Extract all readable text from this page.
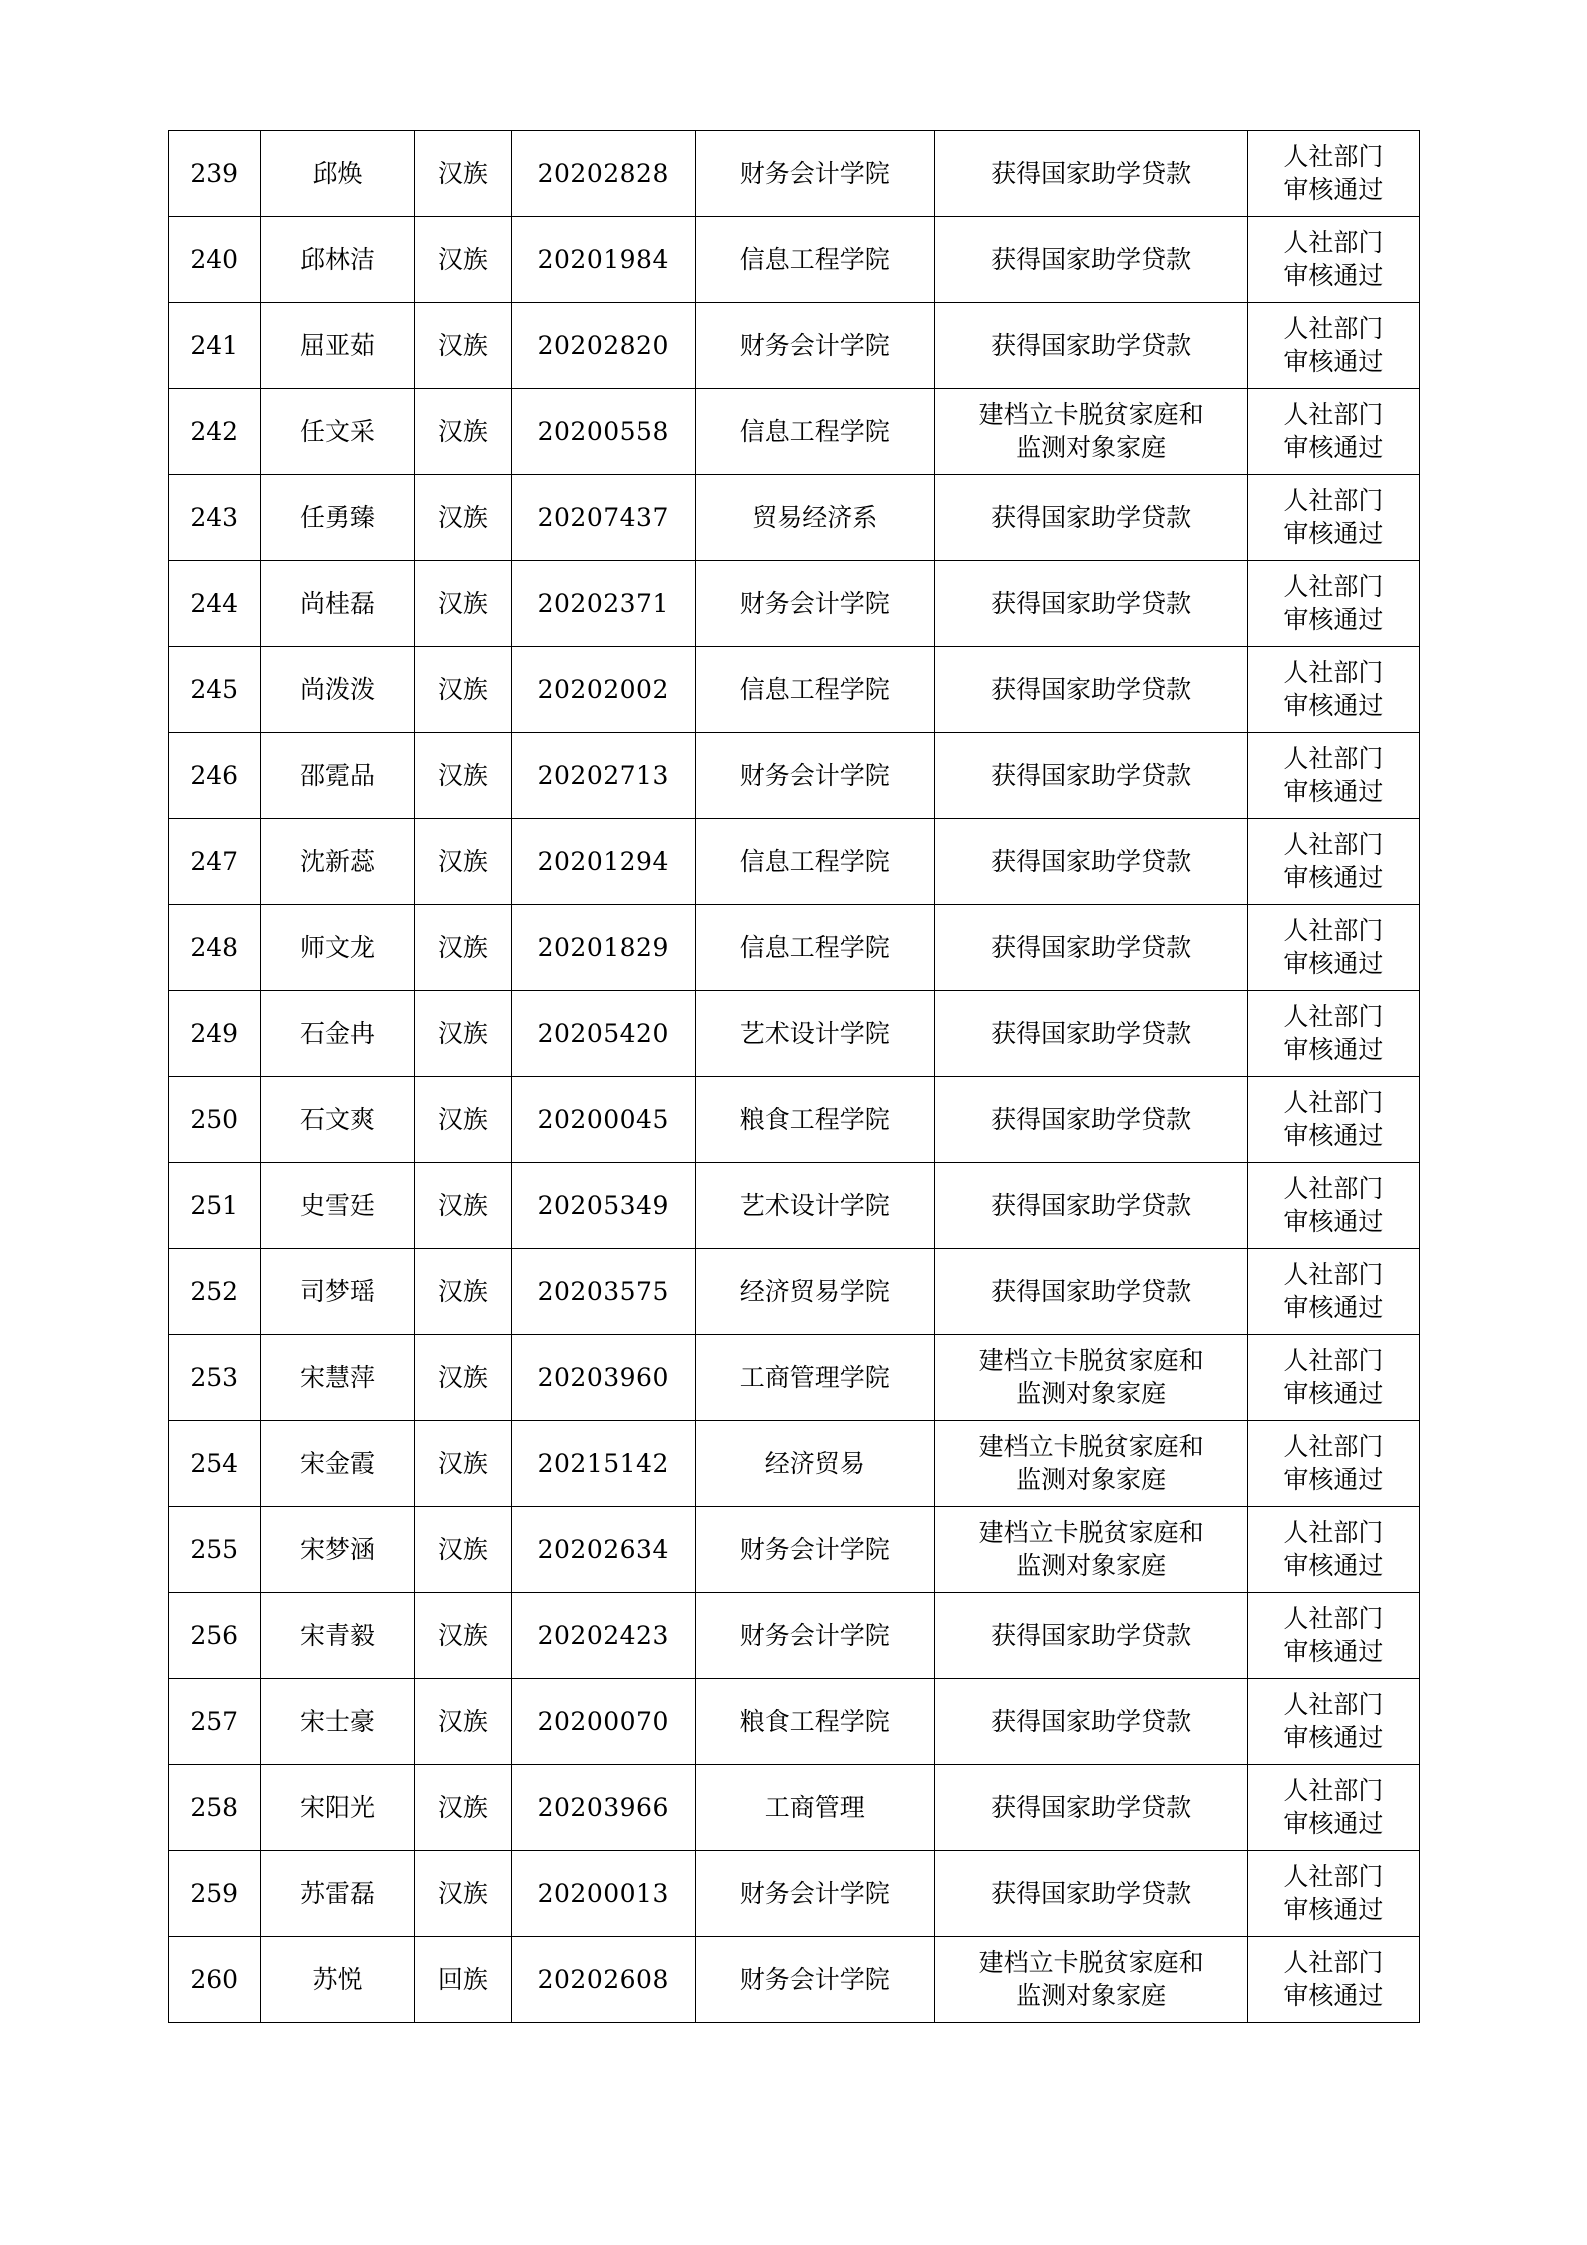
239	邱焕	汉族	20202828	财务会计学院	获得国家助学贷款	人社部门
审核通过

240	邱林洁	汉族	20201984	信息工程学院	获得国家助学贷款	人社部门
审核通过

241	屈亚茹	汉族	20202820	财务会计学院	获得国家助学贷款	人社部门
审核通过

242	任文采	汉族	20200558	信息工程学院	建档立卡脱贫家庭和
监测对象家庭	人社部门
审核通过

243	任勇臻	汉族	20207437	贸易经济系	获得国家助学贷款	人社部门
审核通过

244	尚桂磊	汉族	20202371	财务会计学院	获得国家助学贷款	人社部门
审核通过

245	尚泼泼	汉族	20202002	信息工程学院	获得国家助学贷款	人社部门
审核通过

246	邵霓品	汉族	20202713	财务会计学院	获得国家助学贷款	人社部门
审核通过

247	沈新蕊	汉族	20201294	信息工程学院	获得国家助学贷款	人社部门
审核通过

248	师文龙	汉族	20201829	信息工程学院	获得国家助学贷款	人社部门
审核通过

249	石金冉	汉族	20205420	艺术设计学院	获得国家助学贷款	人社部门
审核通过

250	石文爽	汉族	20200045	粮食工程学院	获得国家助学贷款	人社部门
审核通过

251	史雪廷	汉族	20205349	艺术设计学院	获得国家助学贷款	人社部门
审核通过

252	司梦瑶	汉族	20203575	经济贸易学院	获得国家助学贷款	人社部门
审核通过

253	宋慧萍	汉族	20203960	工商管理学院	建档立卡脱贫家庭和
监测对象家庭	人社部门
审核通过

254	宋金霞	汉族	20215142	经济贸易	建档立卡脱贫家庭和
监测对象家庭	人社部门
审核通过

255	宋梦涵	汉族	20202634	财务会计学院	建档立卡脱贫家庭和
监测对象家庭	人社部门
审核通过

256	宋青毅	汉族	20202423	财务会计学院	获得国家助学贷款	人社部门
审核通过

257	宋士豪	汉族	20200070	粮食工程学院	获得国家助学贷款	人社部门
审核通过

258	宋阳光	汉族	20203966	工商管理	获得国家助学贷款	人社部门
审核通过

259	苏雷磊	汉族	20200013	财务会计学院	获得国家助学贷款	人社部门
审核通过

260	苏悦	回族	20202608	财务会计学院	建档立卡脱贫家庭和
监测对象家庭	人社部门
审核通过
